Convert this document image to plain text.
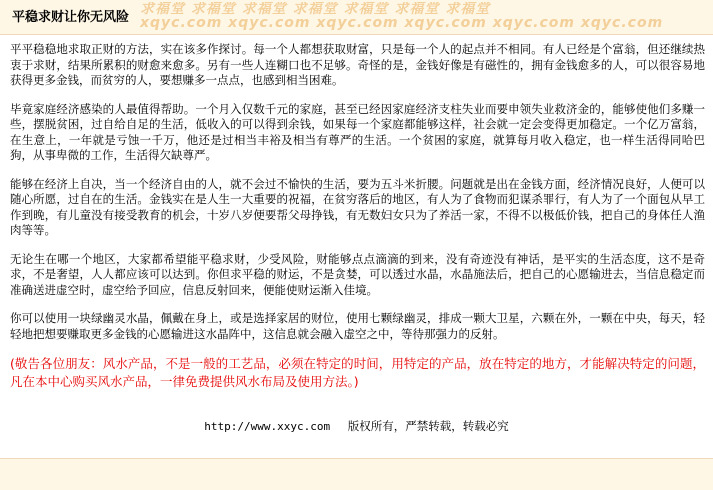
求福堂 求福堂 求福堂 求福堂 求福堂 求福堂 求福堂
xqyc.com xqyc.com xqyc.com xqyc.com xqyc.com xqyc.com
平稳求财让你无风险

平平稳稳地求取正财的方法，实在该多作探讨。每一个人都想获取财富，只是每一个人的起点并不相同。有人已经是个富翁，但还继续热衷于求财，结果所累积的财愈来愈多。另有一些人连糊口也不足够。奇怪的是，金钱好像是有磁性的，拥有金钱愈多的人，可以很容易地获得更多金钱，而贫穷的人，要想赚多一点点，也感到相当困难。

毕竟家庭经济感染的人最值得帮助。一个月入仅数千元的家庭，甚至已经因家庭经济支柱失业而要申领失业救济金的，能够使他们多赚一些，摆脱贫困，过自给自足的生活，低收入的可以得到余钱，如果每一个家庭都能够这样，社会就一定会变得更加稳定。一个亿万富翁，在生意上，一年就是亏蚀一千万，他还是过相当丰裕及相当有尊严的生活。一个贫困的家庭，就算每月收入稳定，也一样生活得同哈巴狗，从事卑微的工作，生活得欠缺尊严。

能够在经济上自决，当一个经济自由的人，就不会过不愉快的生活，要为五斗米折腰。问题就是出在金钱方面，经济情况良好，人便可以随心所愿，过自在的生活。金钱实在是人生一大重要的祝福，在贫穷落后的地区，有人为了食物而犯谋杀罪行，有人为了一个面包从早工作到晚，有儿童没有接受教育的机会，十岁八岁便要帮父母挣钱，有无数妇女只为了养活一家，不得不以极低价钱，把自己的身体任人渔肉等等。

无论生在哪一个地区，大家都希望能平稳求财，少受风险，财能够点点滴滴的到来，没有奇迹没有神话，是平实的生活态度，这不是奇求，不是奢望，人人都应该可以达到。你但求平稳的财运，不是贪婪，可以透过水晶，水晶施法后，把自己的心愿输进去，当信息稳定而准确送进虚空时，虚空给予回应，信息反射回来，便能使财运渐入佳境。

你可以使用一块绿幽灵水晶，佩戴在身上，或是选择家居的财位，使用七颗绿幽灵，排成一颗大卫星，六颗在外，一颗在中央，每天，轻轻地把想要赚取更多金钱的心愿输进这水晶阵中，这信息就会融入虚空之中，等待那强力的反射。

(敬告各位朋友：风水产品，不是一般的工艺品，必须在特定的时间，用特定的产品，放在特定的地方，才能解决特定的问题，凡在本中心购买风水产品，一律免费提供风水布局及使用方法。)

http://www.xxyc.com 版权所有，严禁转载，转载必究
